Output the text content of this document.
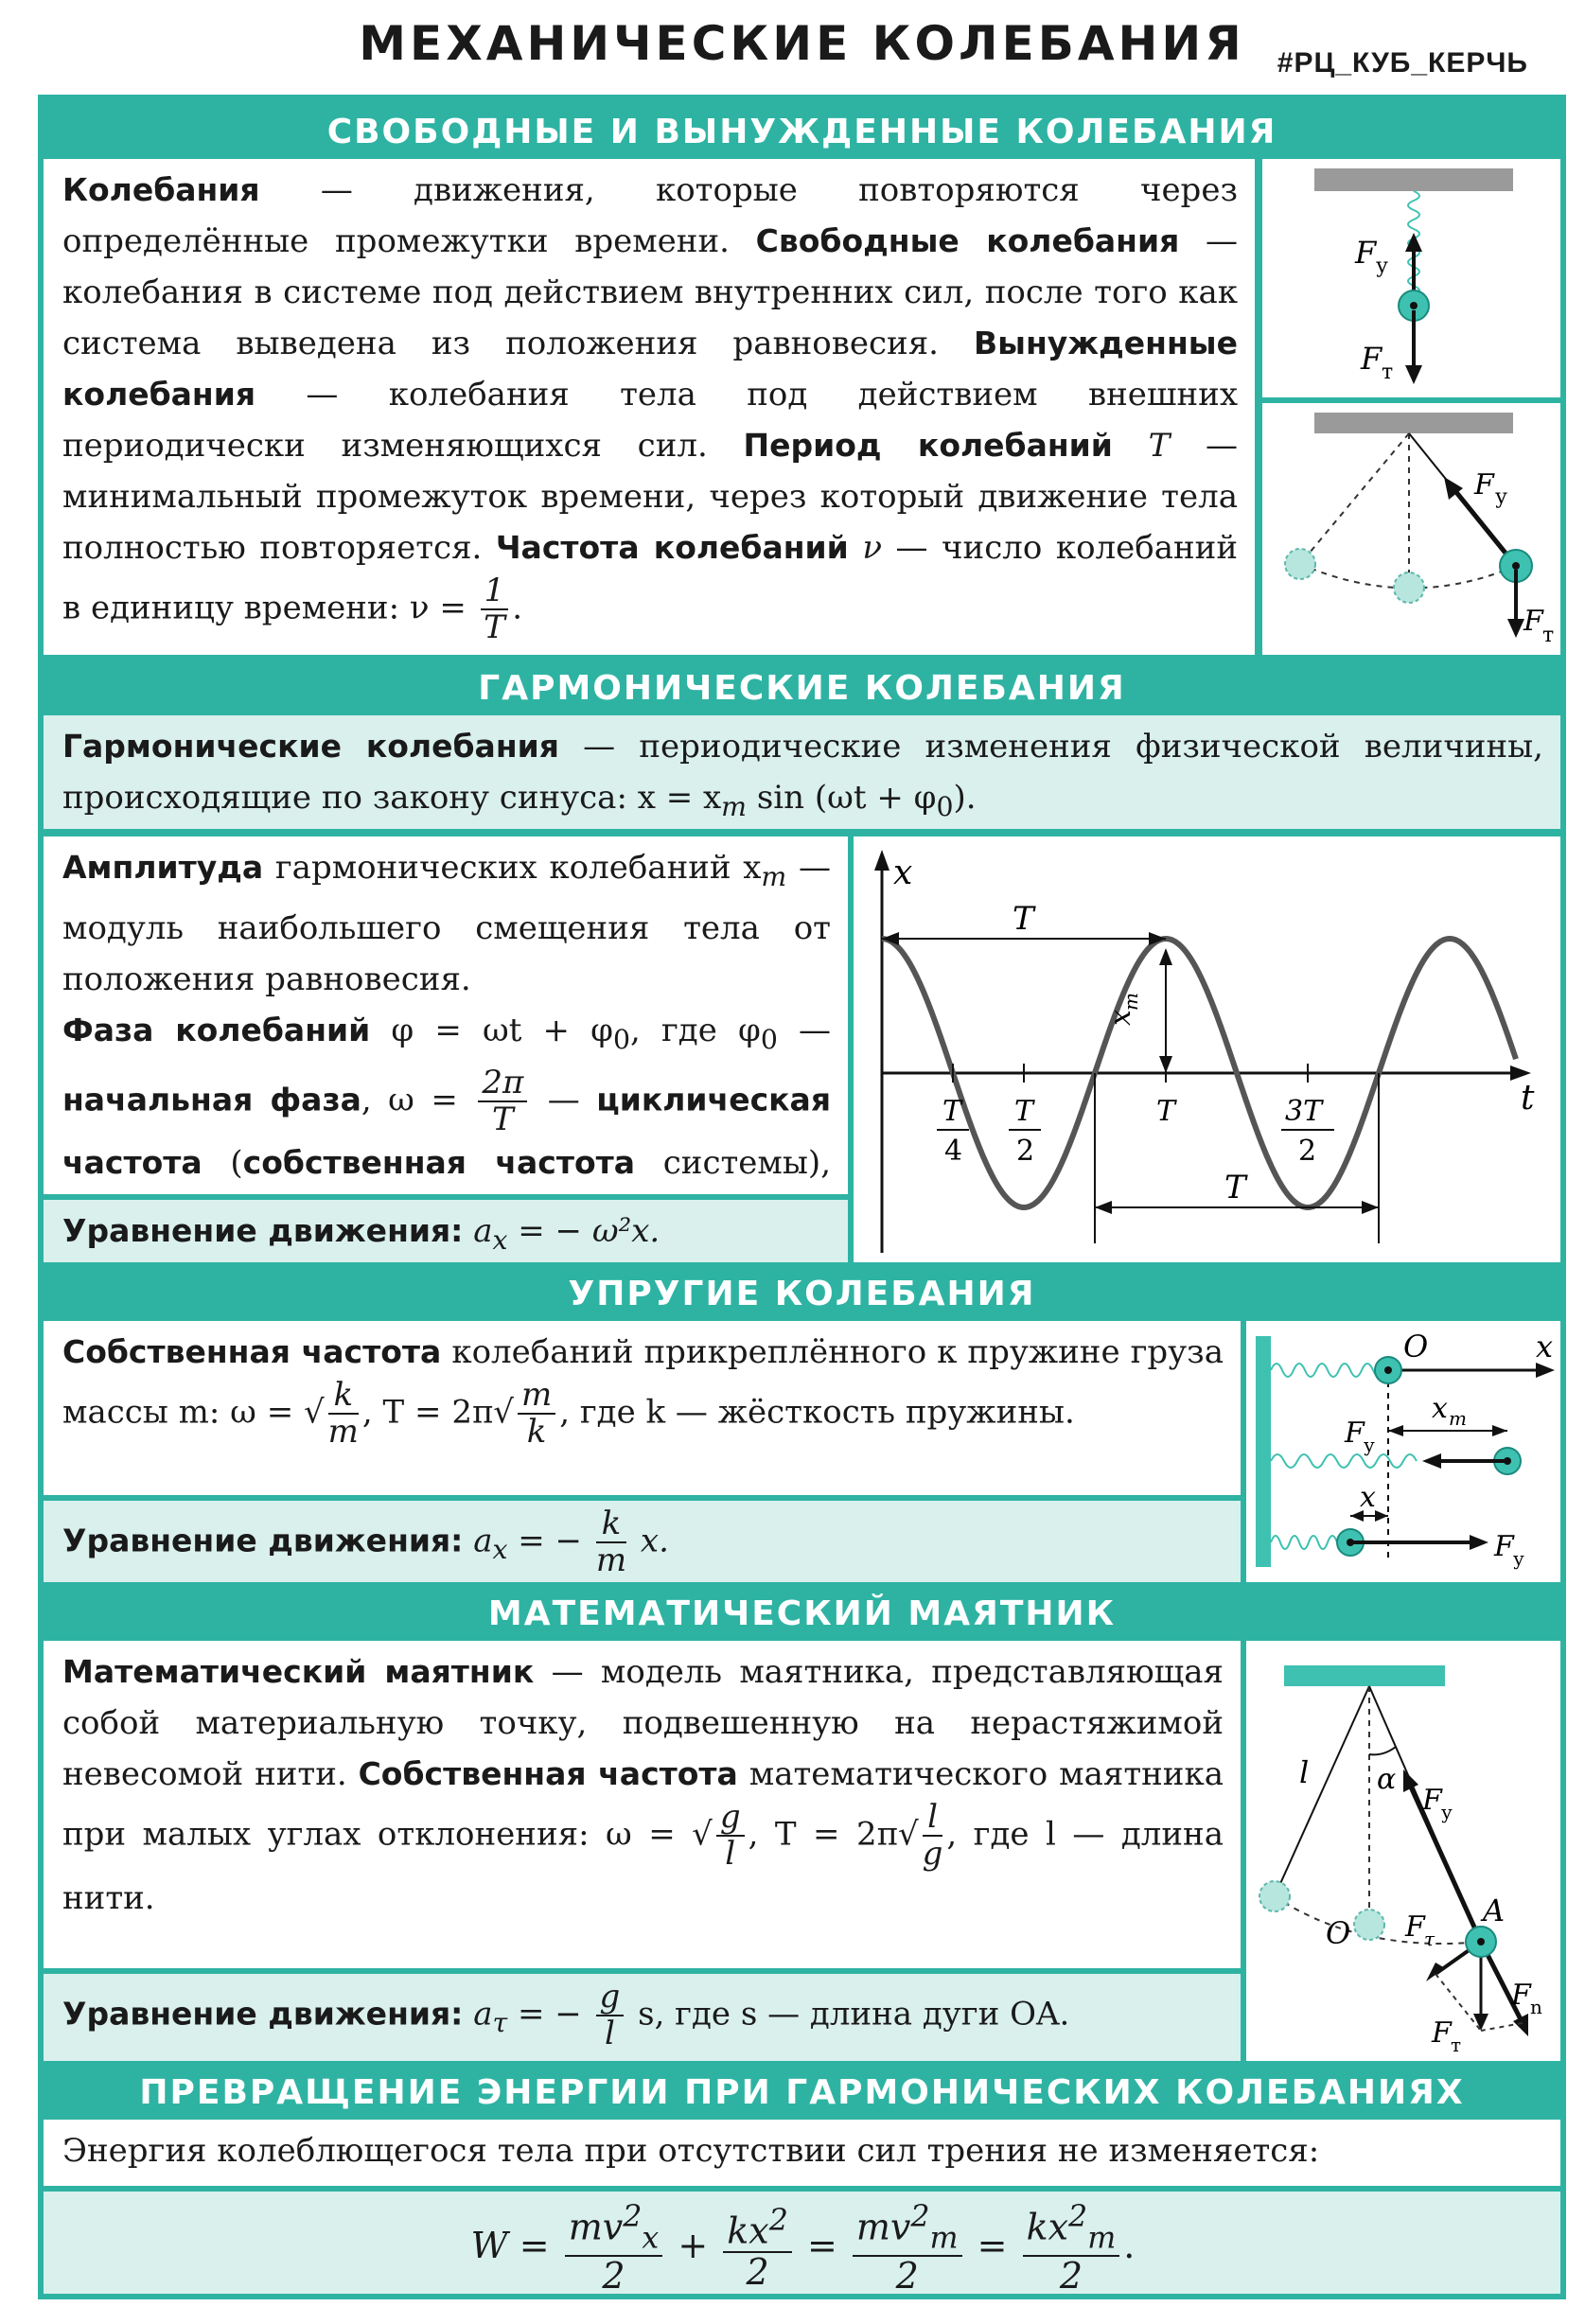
МЕХАНИЧЕСКИЕ КОЛЕБАНИЯ	#РЦ_КУБ_КЕРЧЬ
СВОБОДНЫЕ И ВЫНУЖДЕННЫЕ КОЛЕБАНИЯ
Колебания — движения, которые повторяются через определённые промежутки времени. Свободные колебания — колебания в системе под действием внутренних сил, после того как система выведена из положения равновесия. Вынужденные колебания — колебания тела под действием внешних периодически изменяющихся сил. Период колебаний T — минимальный промежуток времени, через который движение тела полностью повторяется. Частота колебаний ν — число колебаний в единицу времени: $\nu = \frac{1}{T}$ .
F у
F т
F у
F т
ГАРМОНИЧЕСКИЕ КОЛЕБАНИЯ
Гармонические колебания — периодические изменения физической величины, происходящие по закону синуса: $x = x_m$ $\sin (\omega t + \varphi_0)$.

Амплитуда гармонических колебаний $x_m$ — модуль наибольшего смещения тела от положения равновесия.

Фаза колебаний $\varphi = \omega t + \varphi_0$, где $\varphi_0$ — начальная фаза, $\omega = \frac{2\pi}{T}$ — циклическая частота (собственная частота системы),

Уравнение движения: $a_x$ = − ω²x.
x
t
T
T
x
m
T
4
T
2
T	3T
2
УПРУГИЕ КОЛЕБАНИЯ
Собственная частота колебаний прикреплённого к пружине груза массы m: ω = √ $\frac{k}{m}$ , $T = 2\pi√ \frac{m}{k}$ , где k — жёсткость пружины.
Уравнение движения: $a_x$ = − $\frac{k}{m} x$.
O	x
F у
x m
x
F у
МАТЕМАТИЧЕСКИЙ МАЯТНИК
Математический маятник — модель маятника, представляющая собой материальную точку, подвешенную на нерастяжимой невесомой нити. Собственная частота математического маятника при малых углах отклонения: ω = √ $\frac{g}{l}$ , $T = 2\pi√ \frac{l}{g}$ , где l — длина нити.
Уравнение движения: $a_\tau$ = − $\frac{g}{l} s$, где s — длина дуги OA.
l α
F у
A
O F τ
F n
F т
ПРЕВРАЩЕНИЕ ЭНЕРГИИ ПРИ ГАРМОНИЧЕСКИХ КОЛЕБАНИЯХ
Энергия колеблющегося тела при отсутствии сил трения не изменяется:
$W = \frac{mv^2_x}{2} + \frac{kx^2}{2} = \frac{mv^2_m}{2} = \frac{kx^2_m}{2}$ .
